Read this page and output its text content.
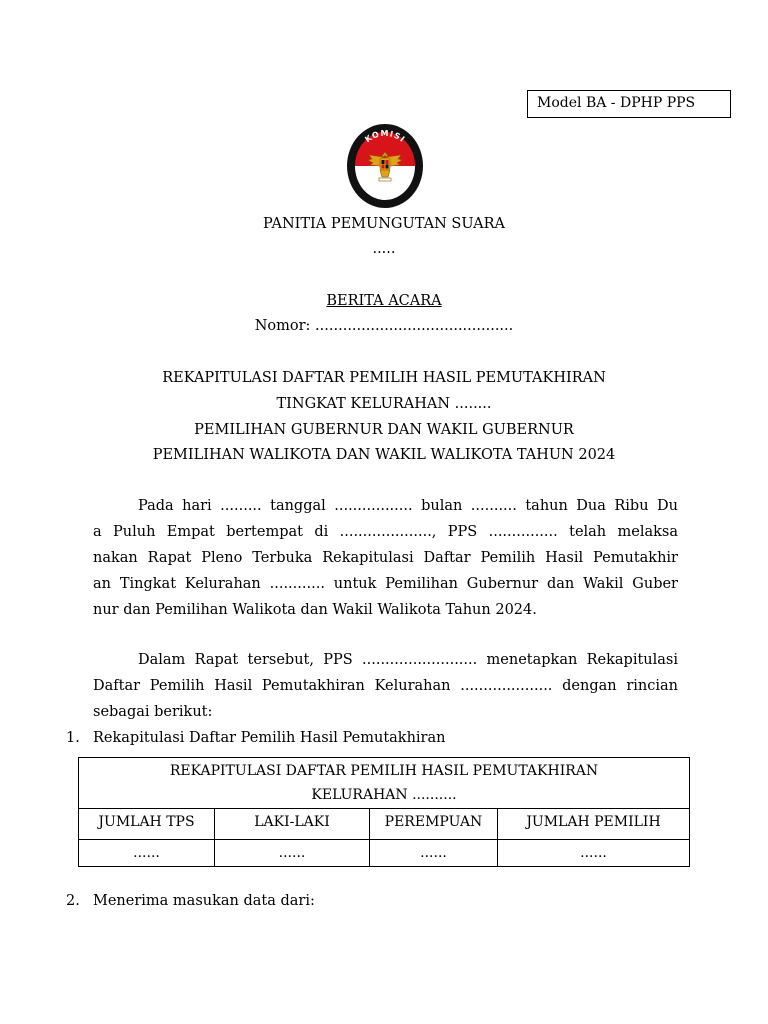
Model BA - DPHP PPS
KOMISI
PEMILIHAN UMUM
PANITIA PEMUNGUTAN SUARA
.....
BERITA ACARA
Nomor: ...........................................
REKAPITULASI DAFTAR PEMILIH HASIL PEMUTAKHIRAN
TINGKAT KELURAHAN ........
PEMILIHAN GUBERNUR DAN WAKIL GUBERNUR
PEMILIHAN WALIKOTA DAN WAKIL WALIKOTA TAHUN 2024
Pada hari ......... tanggal ................. bulan .......... tahun Dua Ribu Du
a Puluh Empat bertempat di ...................., PPS ............... telah melaksa
nakan Rapat Pleno Terbuka Rekapitulasi Daftar Pemilih Hasil Pemutakhir
an Tingkat Kelurahan ............ untuk Pemilihan Gubernur dan Wakil Guber
nur dan Pemilihan Walikota dan Wakil Walikota Tahun 2024.
Dalam Rapat tersebut, PPS ......................... menetapkan Rekapitulasi
Daftar Pemilih Hasil Pemutakhiran Kelurahan .................... dengan rincian
sebagai berikut:
1. Rekapitulasi Daftar Pemilih Hasil Pemutakhiran
REKAPITULASI DAFTAR PEMILIH HASIL PEMUTAKHIRAN
KELURAHAN ..........			

JUMLAH TPS	LAKI-LAKI	PEREMPUAN	JUMLAH PEMILIH
......	......	......	......
2. Menerima masukan data dari:
